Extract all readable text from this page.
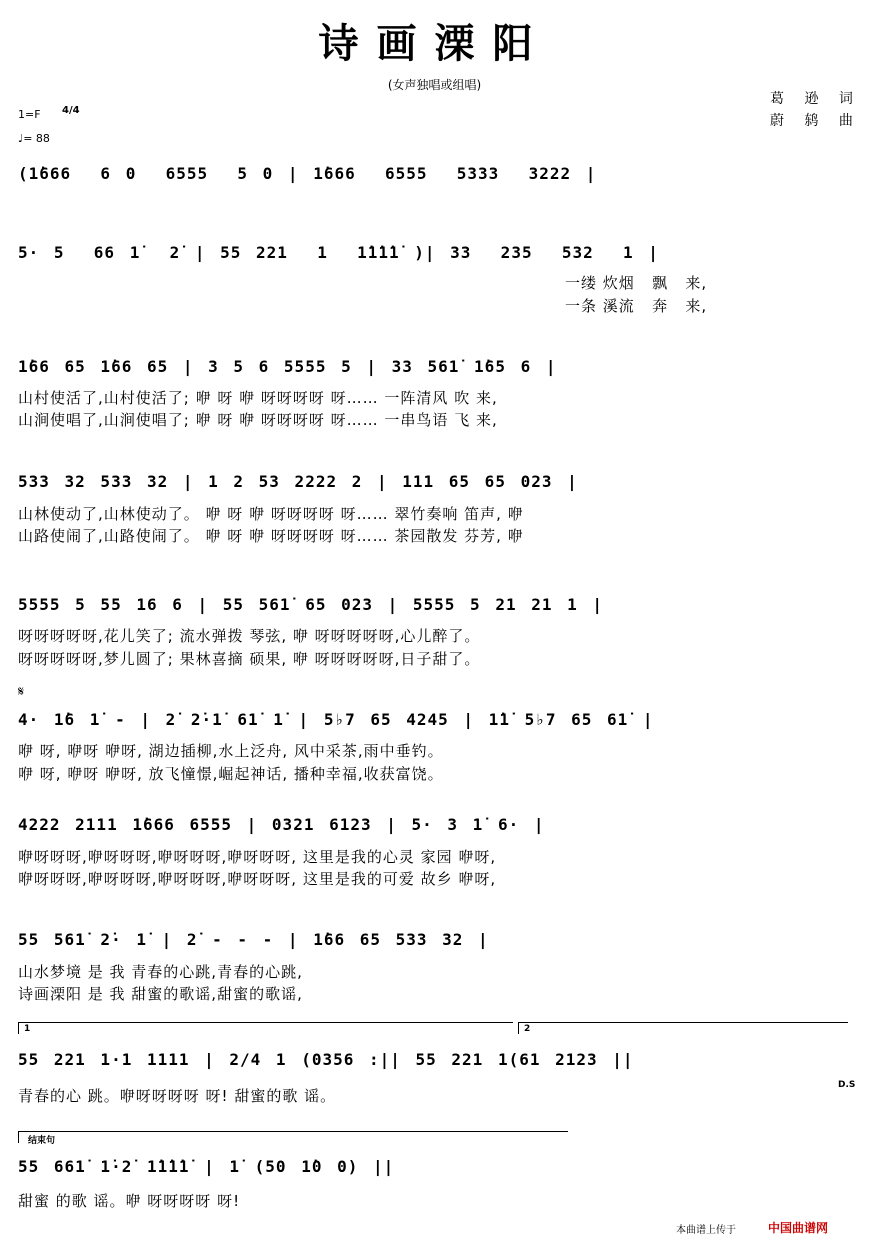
诗画溧阳
(女声独唱或组唱)
葛 逊 词
蔚 鸫 曲
1=F 4/4
♩= 88
(1̇666  6 0  6555  5 0 | 1̇666  6555  5333  3222 |
5· 5  66 1̇  2̇ | 55 221  1  1̇1̇1̇1̇ )| 33  235  532  1 |
一缕 炊烟   飘   来,
一条 溪流   奔   来,
1̇66 65 1̇66 65 | 3 5 6 5555 5 | 33 561̇ 1̇65 6 |
山村使活了,山村使活了; 咿 呀 咿 呀呀呀呀 呀…… 一阵清风 吹 来,
山涧使唱了,山涧使唱了; 咿 呀 咿 呀呀呀呀 呀…… 一串鸟语 飞 来,
533 32 533 32 | 1 2 53 2222 2 | 111 65 65 023 |
山林使动了,山林使动了。 咿 呀 咿 呀呀呀呀 呀…… 翠竹奏响 笛声, 咿
山路使闹了,山路使闹了。 咿 呀 咿 呀呀呀呀 呀…… 茶园散发 芬芳, 咿
5555 5 55 16 6 | 55 561̇ 65 023 | 5555 5 21 21 1 |
呀呀呀呀呀,花儿笑了; 流水弹拨 琴弦, 咿 呀呀呀呀呀,心儿醉了。
呀呀呀呀呀,梦儿圆了; 果林喜摘 硕果, 咿 呀呀呀呀呀,日子甜了。
𝄋
4· 1̇6 1̇ - | 2̇ 2̇·1̇ 61̇ 1̇ | 5♭7 65 4245 | 1̇1̇ 5♭7 65 61̇ |
咿 呀, 咿呀 咿呀, 湖边插柳,水上泛舟, 风中采茶,雨中垂钓。
咿 呀, 咿呀 咿呀, 放飞憧憬,崛起神话, 播种幸福,收获富饶。
4222 2111 1̇666 6555 | 0321 6123 | 5· 3 1̇ 6· |
咿呀呀呀,咿呀呀呀,咿呀呀呀,咿呀呀呀, 这里是我的心灵 家园 咿呀,
咿呀呀呀,咿呀呀呀,咿呀呀呀,咿呀呀呀, 这里是我的可爱 故乡 咿呀,
55 561̇ 2̇· 1̇ | 2̇ - - - | 1̇66 65 533 32 |
山水梦境 是 我 青春的心跳,青春的心跳,
诗画溧阳 是 我 甜蜜的歌谣,甜蜜的歌谣,
1	2
55 221 1·1 1111 | 2/4 1 (0356 :|| 55 221 1(61 2123 ||
青春的心 跳。咿呀呀呀呀 呀! 甜蜜的歌 谣。
D.S
结束句
55 661̇ 1̇·2̇ 1̇1̇1̇1̇ | 1̇ (50 1̇0 0) ||
甜蜜 的歌 谣。咿 呀呀呀呀 呀!
本曲谱上传于	中国曲谱网
